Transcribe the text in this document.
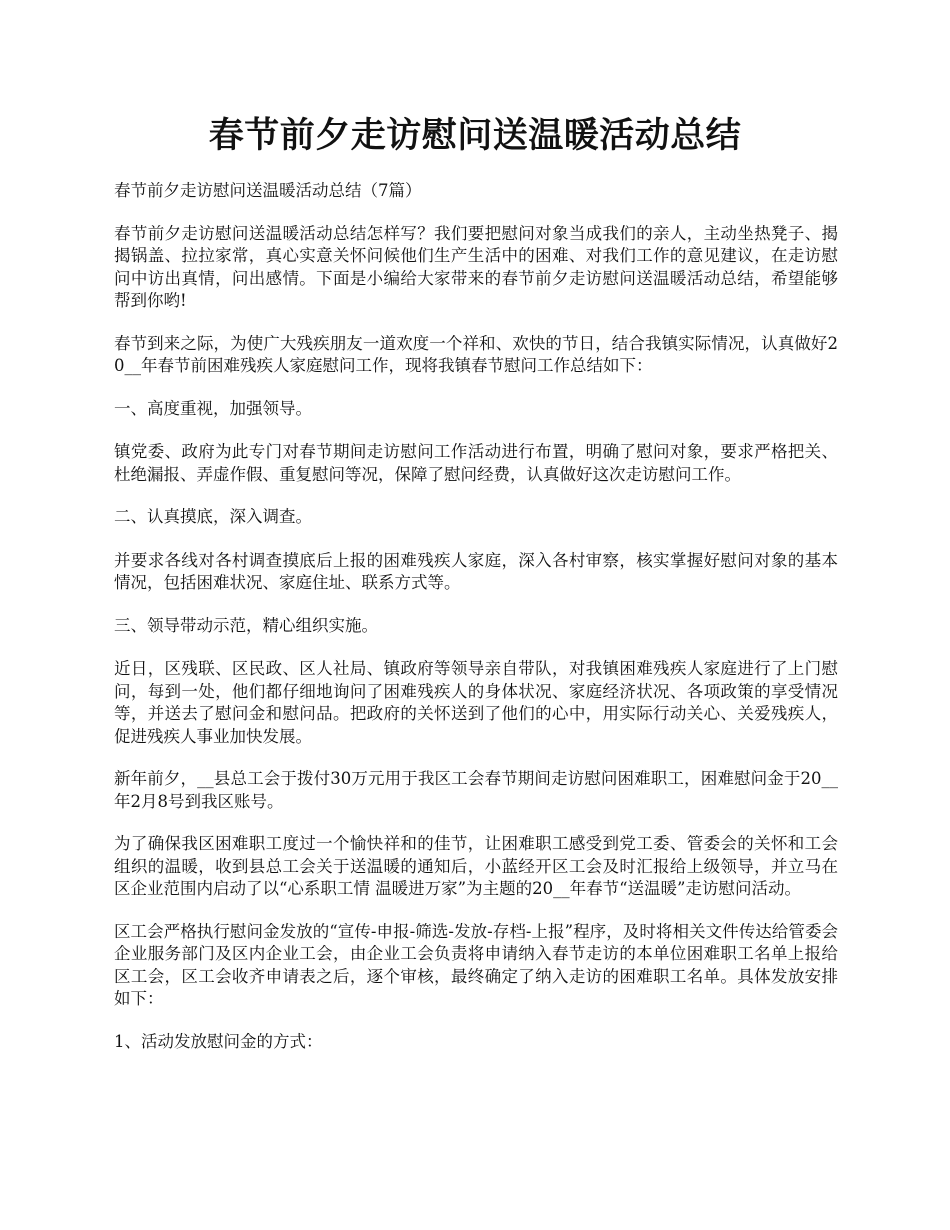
春节前夕走访慰问送温暖活动总结

春节前夕走访慰问送温暖活动总结（7篇）

春节前夕走访慰问送温暖活动总结怎样写？我们要把慰问对象当成我们的亲人，主动坐热凳子、揭揭锅盖、拉拉家常，真心实意关怀问候他们生产生活中的困难、对我们工作的意见建议，在走访慰问中访出真情，问出感情。下面是小编给大家带来的春节前夕走访慰问送温暖活动总结，希望能够帮到你哟!

春节到来之际，为使广大残疾朋友一道欢度一个祥和、欢快的节日，结合我镇实际情况，认真做好20__年春节前困难残疾人家庭慰问工作，现将我镇春节慰问工作总结如下：

一、高度重视，加强领导。

镇党委、政府为此专门对春节期间走访慰问工作活动进行布置，明确了慰问对象，要求严格把关、杜绝漏报、弄虚作假、重复慰问等况，保障了慰问经费，认真做好这次走访慰问工作。

二、认真摸底，深入调查。

并要求各线对各村调查摸底后上报的困难残疾人家庭，深入各村审察，核实掌握好慰问对象的基本情况，包括困难状况、家庭住址、联系方式等。

三、领导带动示范，精心组织实施。

近日，区残联、区民政、区人社局、镇政府等领导亲自带队，对我镇困难残疾人家庭进行了上门慰问，每到一处，他们都仔细地询问了困难残疾人的身体状况、家庭经济状况、各项政策的享受情况等，并送去了慰问金和慰问品。把政府的关怀送到了他们的心中，用实际行动关心、关爱残疾人，促进残疾人事业加快发展。

新年前夕，__县总工会于拨付30万元用于我区工会春节期间走访慰问困难职工，困难慰问金于20__年2月8号到我区账号。

为了确保我区困难职工度过一个愉快祥和的佳节，让困难职工感受到党工委、管委会的关怀和工会组织的温暖，收到县总工会关于送温暖的通知后，小蓝经开区工会及时汇报给上级领导，并立马在区企业范围内启动了以“心系职工情 温暖进万家”为主题的20__年春节“送温暖”走访慰问活动。

区工会严格执行慰问金发放的“宣传-申报-筛选-发放-存档-上报”程序，及时将相关文件传达给管委会企业服务部门及区内企业工会，由企业工会负责将申请纳入春节走访的本单位困难职工名单上报给区工会，区工会收齐申请表之后，逐个审核，最终确定了纳入走访的困难职工名单。具体发放安排如下：

1、活动发放慰问金的方式：
